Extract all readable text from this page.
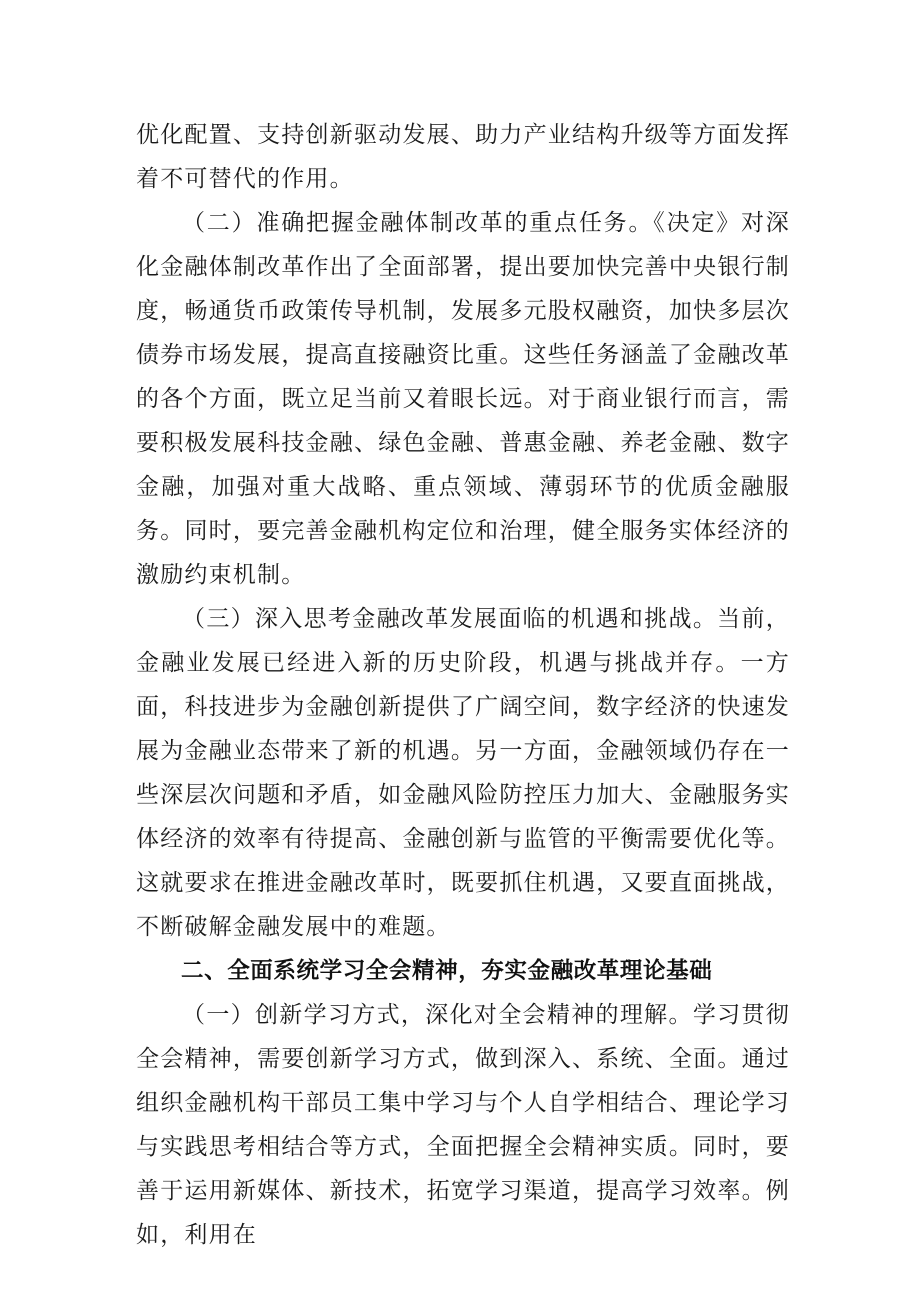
优化配置、支持创新驱动发展、助力产业结构升级等方面发挥着不可替代的作用。

（二）准确把握金融体制改革的重点任务。《决定》对深化金融体制改革作出了全面部署，提出要加快完善中央银行制度，畅通货币政策传导机制，发展多元股权融资，加快多层次债券市场发展，提高直接融资比重。这些任务涵盖了金融改革的各个方面，既立足当前又着眼长远。对于商业银行而言，需要积极发展科技金融、绿色金融、普惠金融、养老金融、数字金融，加强对重大战略、重点领域、薄弱环节的优质金融服务。同时，要完善金融机构定位和治理，健全服务实体经济的激励约束机制。

（三）深入思考金融改革发展面临的机遇和挑战。当前，金融业发展已经进入新的历史阶段，机遇与挑战并存。一方面，科技进步为金融创新提供了广阔空间，数字经济的快速发展为金融业态带来了新的机遇。另一方面，金融领域仍存在一些深层次问题和矛盾，如金融风险防控压力加大、金融服务实体经济的效率有待提高、金融创新与监管的平衡需要优化等。这就要求在推进金融改革时，既要抓住机遇，又要直面挑战，不断破解金融发展中的难题。

二、全面系统学习全会精神，夯实金融改革理论基础

（一）创新学习方式，深化对全会精神的理解。学习贯彻全会精神，需要创新学习方式，做到深入、系统、全面。通过组织金融机构干部员工集中学习与个人自学相结合、理论学习与实践思考相结合等方式，全面把握全会精神实质。同时，要善于运用新媒体、新技术，拓宽学习渠道，提高学习效率。例如，利用在
